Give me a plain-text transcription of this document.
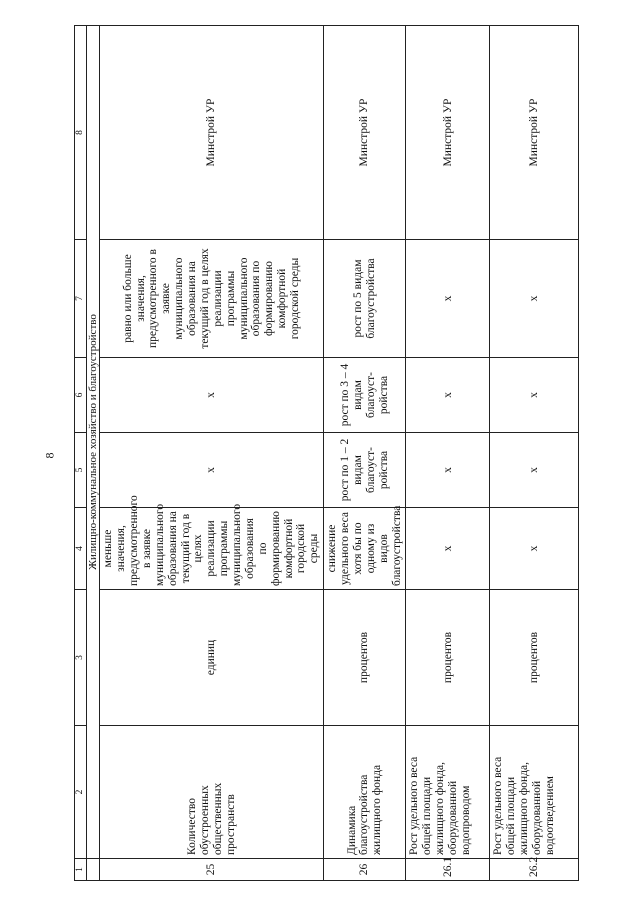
8
1	2	3	4	5	6	7	8
	Жилищно-коммунальное хозяйство и благоустройство						
25	Количество обустроенных общественных пространств	единиц	меньше значения, предусмотренного в заявке муниципального образования на текущий год в целях реализации программы муниципального образования по формированию комфортной городской среды	х	х	равно или больше значения, предусмотренного в заявке муниципального образования на текущий год в целях реализации программы муниципального образования по формированию комфортной городской среды	Минстрой УР
26	Динамика благоустройства жилищного фонда	процентов	снижение удельного веса хотя бы по одному из видов благоустройства	рост по 1 – 2 видам благоуст-ройства	рост по 3 – 4 видам благоуст-ройства	рост по 5 видам благоустройства	Минстрой УР
26.1	Рост удельного веса общей площади жилищного фонда, оборудованной водопроводом	процентов	х	х	х	х	Минстрой УР
26.2	Рост удельного веса общей площади жилищного фонда, оборудованной водоотведением	процентов	х	х	х	х	Минстрой УР
